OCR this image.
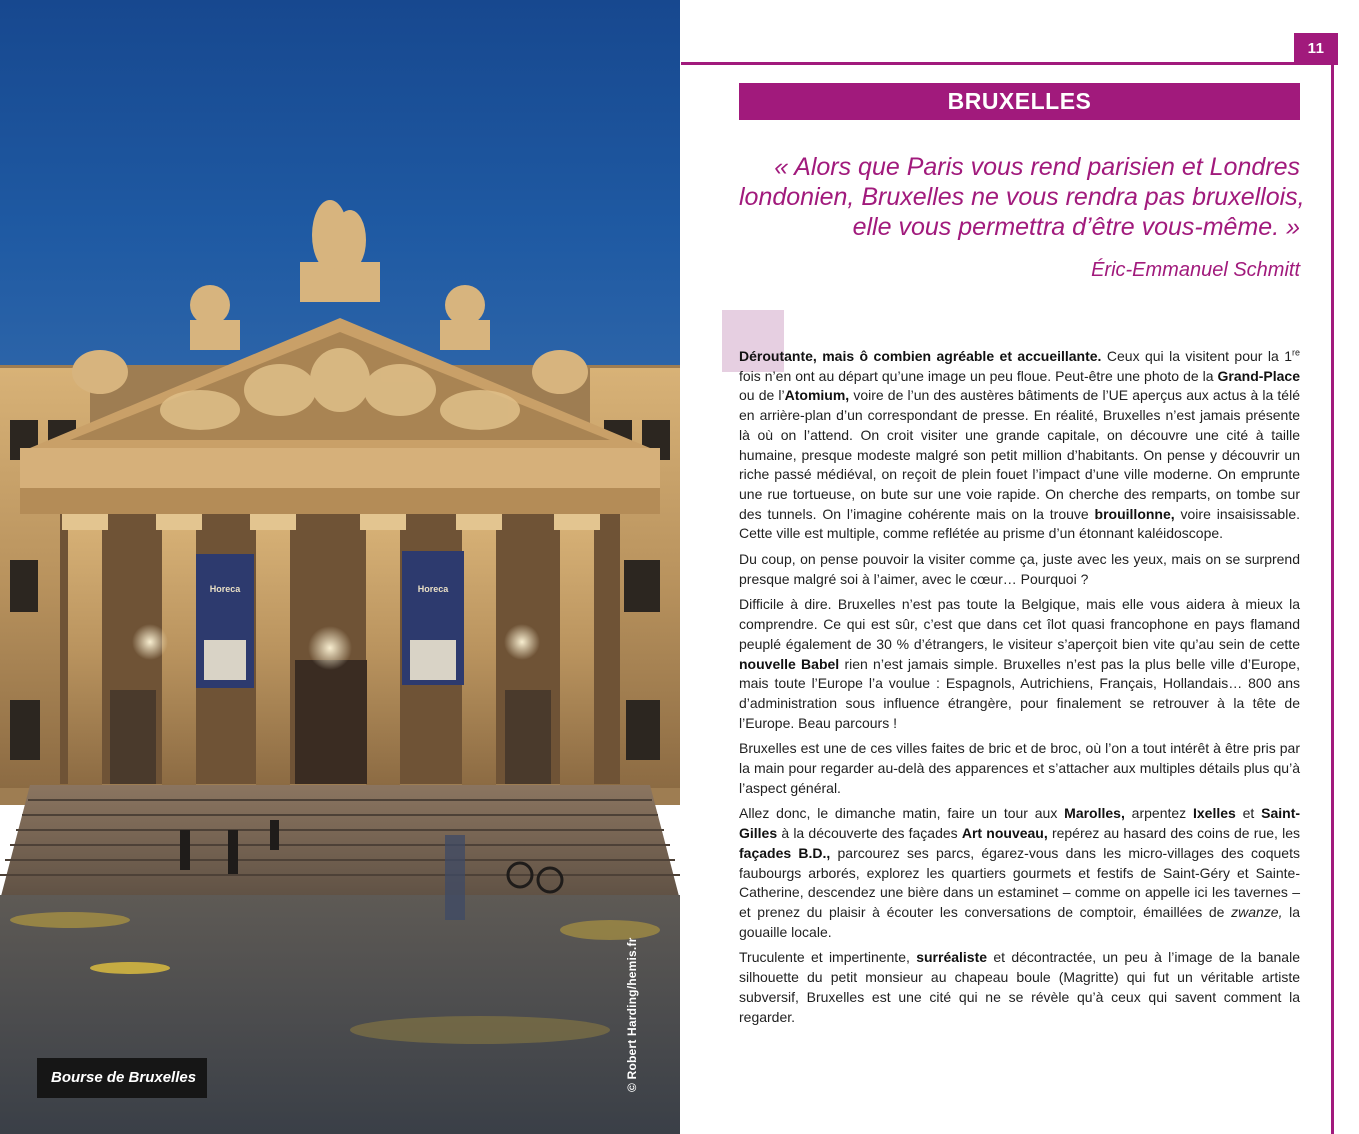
Horeca	Horeca
Bourse de Bruxelles	© Robert Harding/hemis.fr
11
BRUXELLES
« Alors que Paris vous rend parisien et Londres
londonien, Bruxelles ne vous rendra pas bruxellois,
elle vous permettra d’être vous-même. »
Éric-Emmanuel Schmitt

Déroutante, mais ô combien agréable et accueillante. Ceux qui la visitent pour la 1re fois n’en ont au départ qu’une image un peu floue. Peut-être une photo de la Grand-Place ou de l’Atomium, voire de l’un des austères bâtiments de l’UE aperçus aux actus à la télé en arrière-plan d’un correspondant de presse. En réalité, Bruxelles n’est jamais présente là où on l’attend. On croit visiter une grande capitale, on découvre une cité à taille humaine, presque modeste malgré son petit million d’habitants. On pense y découvrir un riche passé médiéval, on reçoit de plein fouet l’impact d’une ville moderne. On emprunte une rue tortueuse, on bute sur une voie rapide. On cherche des remparts, on tombe sur des tunnels. On l’imagine cohérente mais on la trouve brouillonne, voire insaisissable. Cette ville est multiple, comme reflétée au prisme d’un étonnant kaléidoscope.

Du coup, on pense pouvoir la visiter comme ça, juste avec les yeux, mais on se surprend presque malgré soi à l’aimer, avec le cœur… Pourquoi ?

Difficile à dire. Bruxelles n’est pas toute la Belgique, mais elle vous aidera à mieux la comprendre. Ce qui est sûr, c’est que dans cet îlot quasi francophone en pays flamand peuplé également de 30 % d’étrangers, le visiteur s’aperçoit bien vite qu’au sein de cette nouvelle Babel rien n’est jamais simple. Bruxelles n’est pas la plus belle ville d’Europe, mais toute l’Europe l’a voulue : Espagnols, Autrichiens, Français, Hollandais… 800 ans d’administration sous influence étrangère, pour finalement se retrouver à la tête de l’Europe. Beau parcours !

Bruxelles est une de ces villes faites de bric et de broc, où l’on a tout intérêt à être pris par la main pour regarder au-delà des apparences et s’attacher aux multiples détails plus qu’à l’aspect général.

Allez donc, le dimanche matin, faire un tour aux Marolles, arpentez Ixelles et Saint-Gilles à la découverte des façades Art nouveau, repérez au hasard des coins de rue, les façades B.D., parcourez ses parcs, égarez-vous dans les micro-villages des coquets faubourgs arborés, explorez les quartiers gourmets et festifs de Saint-Géry et Sainte-Catherine, descendez une bière dans un estaminet – comme on appelle ici les tavernes – et prenez du plaisir à écouter les conversations de comptoir, émaillées de zwanze, la gouaille locale.

Truculente et impertinente, surréaliste et décontractée, un peu à l’image de la banale silhouette du petit monsieur au chapeau boule (Magritte) qui fut un véritable artiste subversif, Bruxelles est une cité qui ne se révèle qu’à ceux qui savent comment la regarder.
